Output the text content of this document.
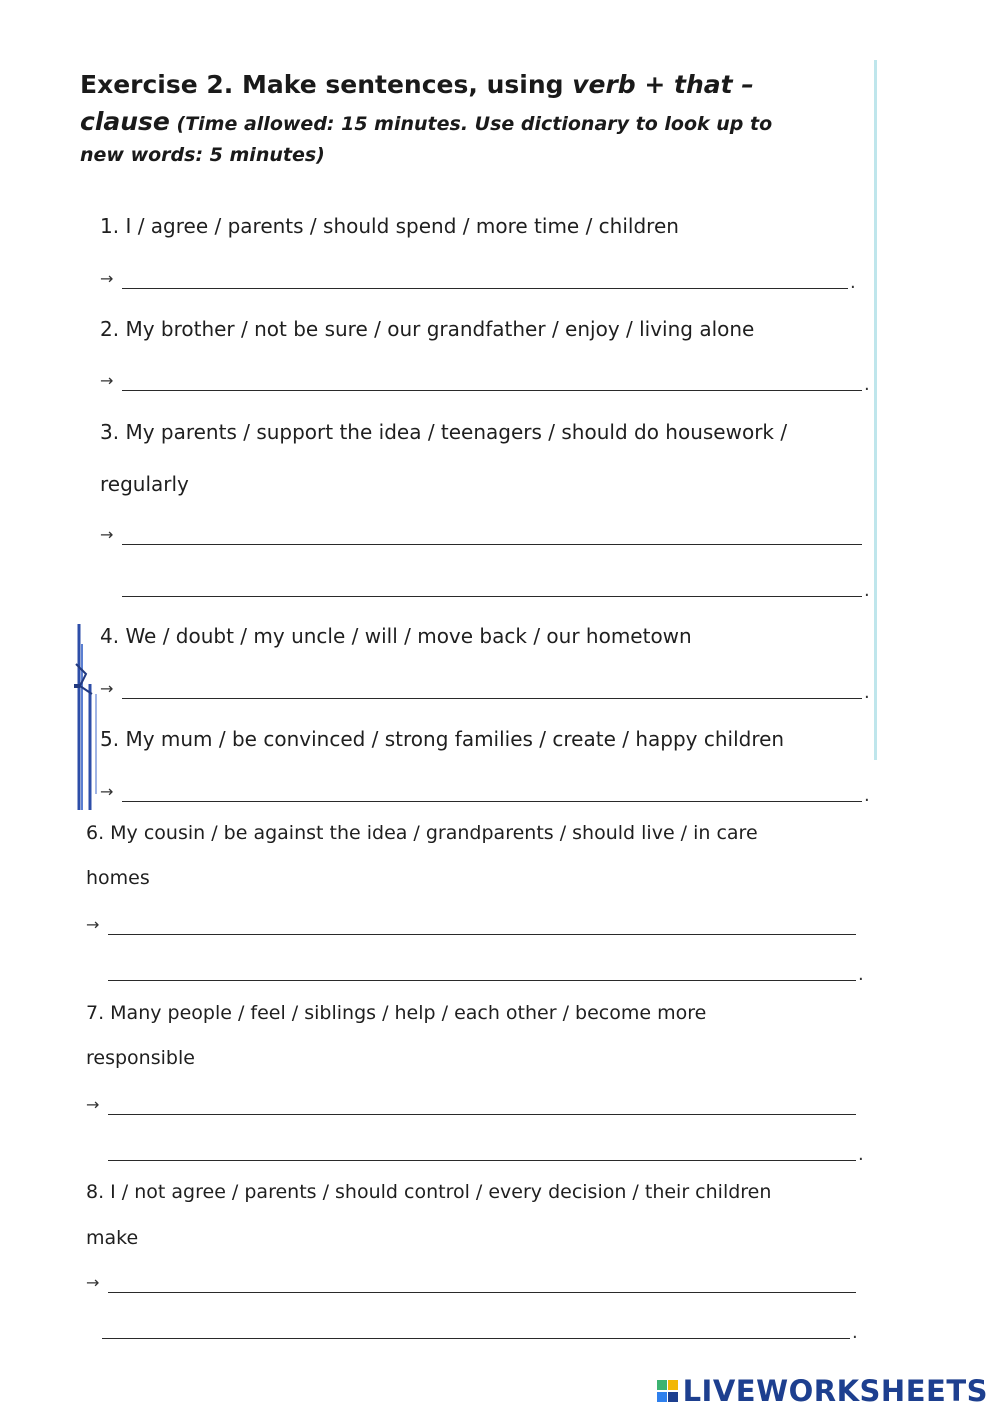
Exercise 2. Make sentences, using verb + that –
clause (Time allowed: 15 minutes. Use dictionary to look up to
new words: 5 minutes)
1. I / agree / parents / should spend / more time / children
→	.
2. My brother / not be sure / our grandfather / enjoy / living alone
→	.
3. My parents / support the idea / teenagers / should do housework /
regularly
→
.
4. We / doubt / my uncle / will / move back / our hometown
→	.
5. My mum / be convinced / strong families / create / happy children
→	.
6. My cousin / be against the idea / grandparents / should live / in care
homes
→
.
7. Many people / feel / siblings / help / each other / become more
responsible
→
.
8. I / not agree / parents / should control / every decision / their children
make
→
.
LIVEWORKSHEETS
